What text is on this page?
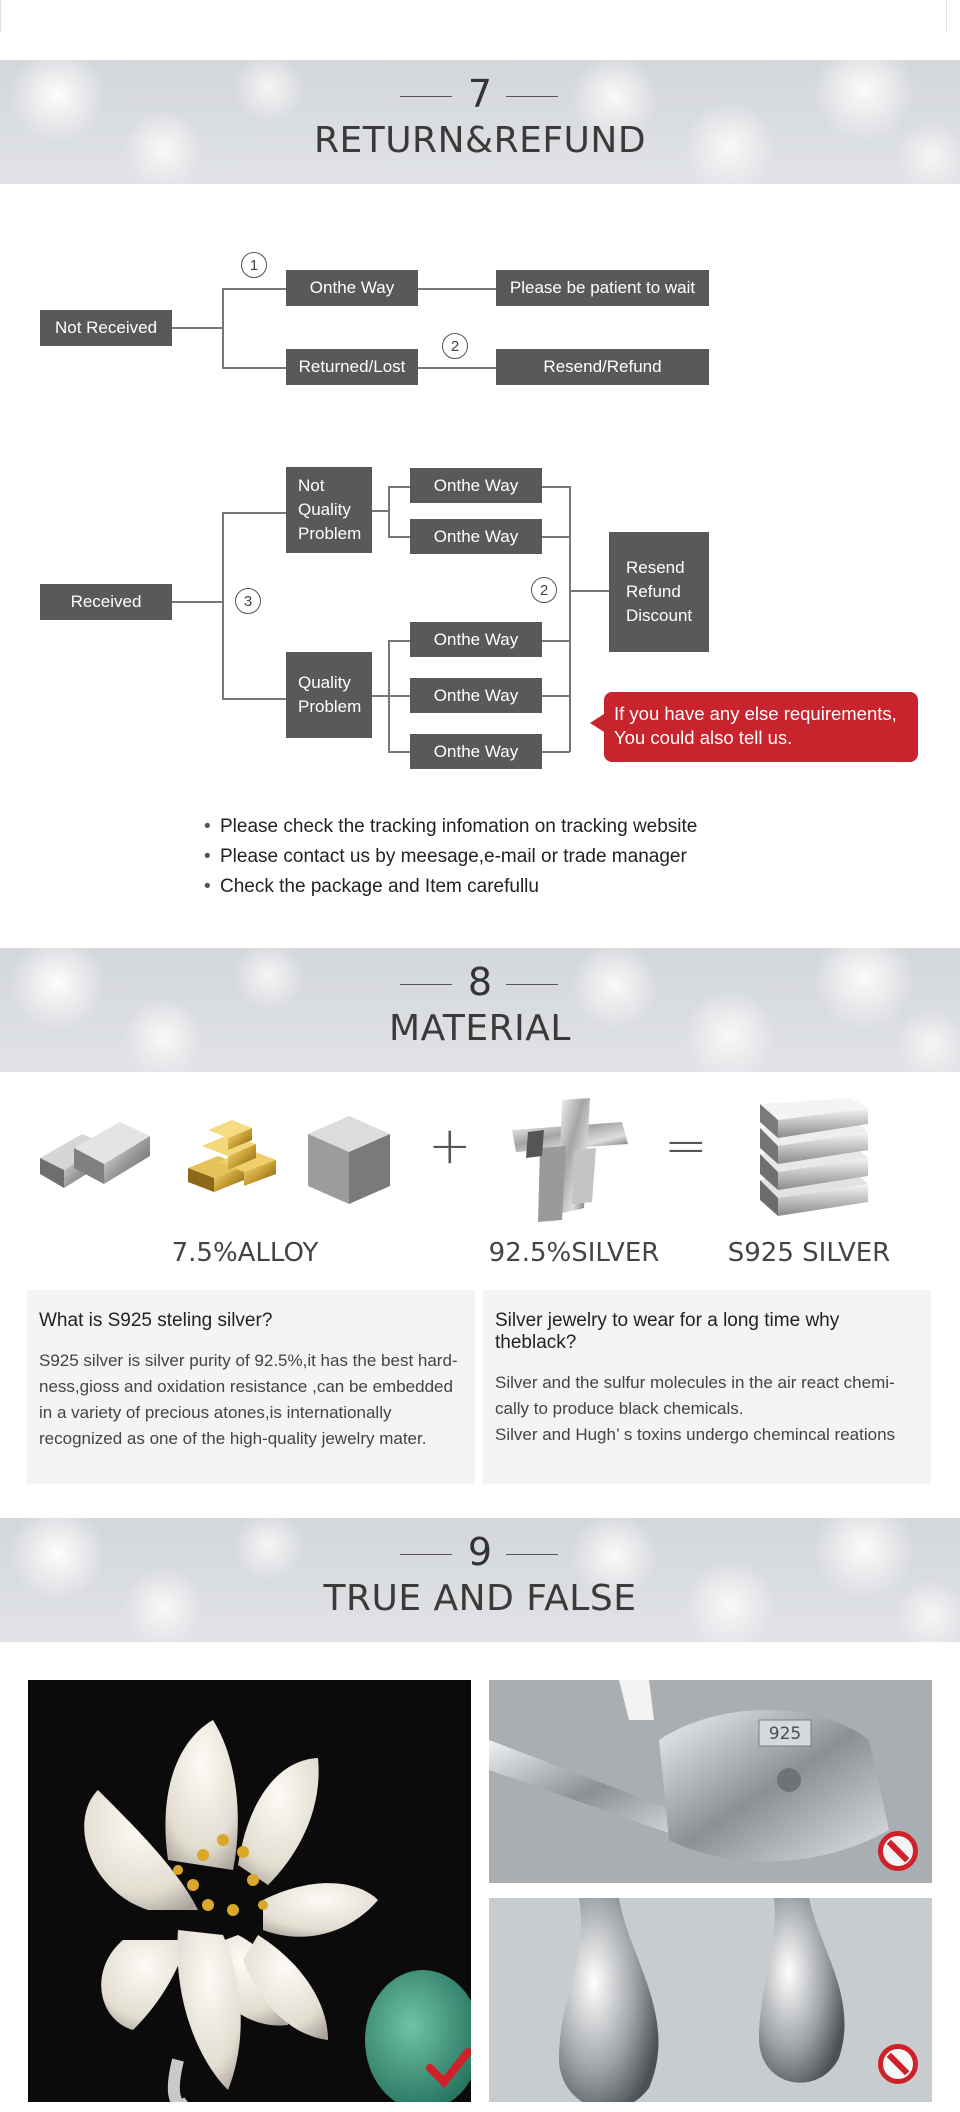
7
RETURN&REFUND
Not Received
1
Onthe Way	Please be patient to wait
Returned/Lost
2
Resend/Refund
Received	3
Not Quality Problem
Quality Problem
Onthe Way
Onthe Way
Onthe Way
Onthe Way
Onthe Way
2
Resend Refund Discount
If you have any else requirements,
You could also tell us.
• Please check the tracking infomation on tracking website
• Please contact us by meesage,e-mail or trade manager
• Check the package and Item carefullu
8
MATERIAL
+	=
7.5%ALLOY	92.5%SILVER	S925 SILVER
What is S925 steling silver?
S925 silver is silver purity of 92.5%,it has the best hard-ness,gioss and oxidation resistance ,can be embedded in a variety of precious atones,is internationally recognized as one of the high-quality jewelry mater.
Silver jewelry to wear for a long time why theblack?
Silver and the sulfur molecules in the air react chemi-cally to produce black chemicals.
Silver and Hugh’ s toxins undergo chemincal reations
9
TRUE AND FALSE
925
